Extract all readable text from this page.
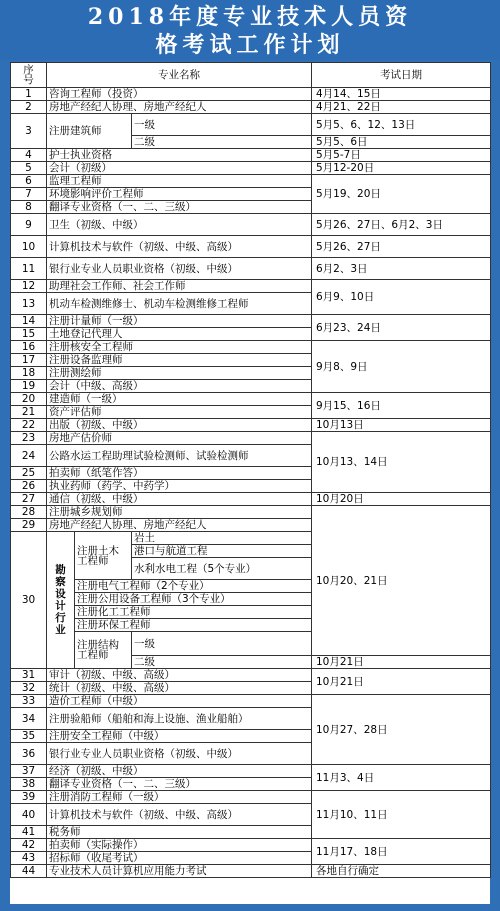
2018年度专业技术人员资
格考试工作计划
序
号	专业名称			考试日期
1	咨询工程师（投资）			4月14、15日
2	房地产经纪人协理、房地产经纪人			4月21、22日
3	注册建筑师		一级	5月5、6、12、13日
			二级	5月5、6日
4	护士执业资格			5月5-7日
5	会计（初级）			5月12-20日
6	监理工程师			5月19、20日
7	环境影响评价工程师			
8	翻译专业资格（一、二、三级）			
9	卫生（初级、中级）			5月26、27日、6月2、3日
10	计算机技术与软件（初级、中级、高级）			5月26、27日
11	银行业专业人员职业资格（初级、中级）			6月2、3日
12	助理社会工作师、社会工作师			6月9、10日
13	机动车检测维修士、机动车检测维修工程师			
14	注册计量师（一级）			6月23、24日
15	土地登记代理人			
16	注册核安全工程师			9月8、9日
17	注册设备监理师			
18	注册测绘师			
19	会计（中级、高级）			
20	建造师（一级）			9月15、16日
21	资产评估师			
22	出版（初级、中级）			10月13日
23	房地产估价师			10月13、14日
24	公路水运工程助理试验检测师、试验检测师			
25	拍卖师（纸笔作答）			
26	执业药师（药学、中药学）			
27	通信（初级、中级）			10月20日
28	注册城乡规划师			10月20、21日
29	房地产经纪人协理、房地产经纪人			
30	勘察设计行业	注册土木工程师	岩土	
			港口与航道工程	
			水利水电工程（5个专业）	

		注册电气工程师（2个专业）		
		注册公用设备工程师（3个专业）		
		注册化工工程师		
		注册环保工程师		
		注册结构工程师	一级	

			二级	10月21日
31	审计（初级、中级、高级）			10月21日
32	统计（初级、中级、高级）			
33	造价工程师（中级）			10月27、28日
34	注册验船师（船舶和海上设施、渔业船舶）			
35	注册安全工程师（中级）			
36	银行业专业人员职业资格（初级、中级）			
37	经济（初级、中级）			11月3、4日
38	翻译专业资格（一、二、三级）			
39	注册消防工程师（一级）			11月10、11日
40	计算机技术与软件（初级、中级、高级）			
41	税务师			
42	拍卖师（实际操作）			11月17、18日
43	招标师（收尾考试）			
44	专业技术人员计算机应用能力考试			各地自行确定
